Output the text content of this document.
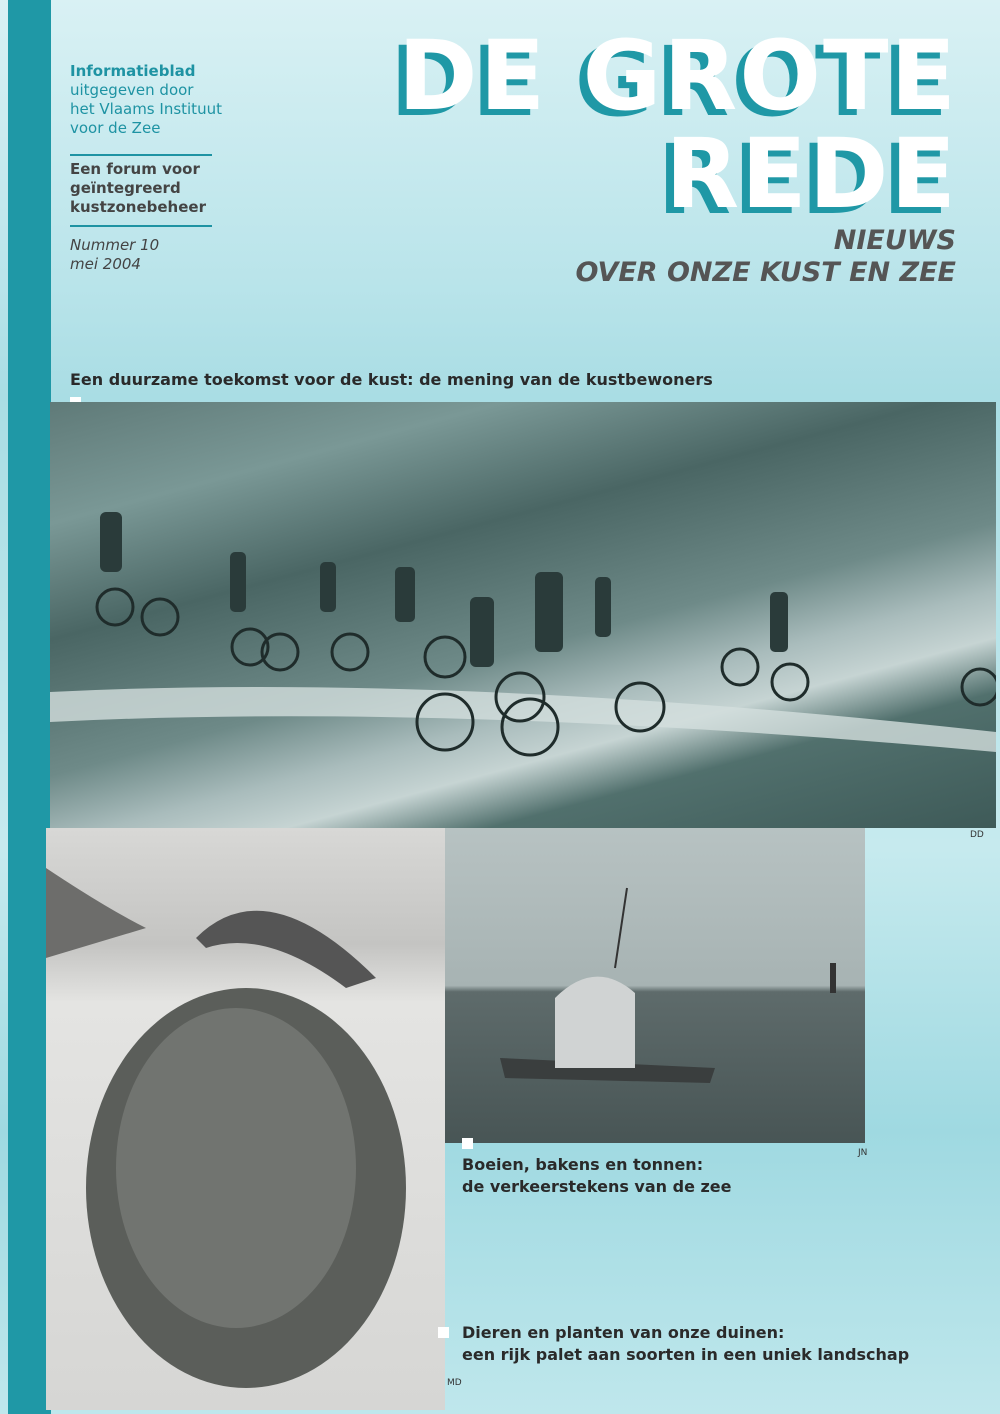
Informatieblad
uitgegeven door
het Vlaams Instituut
voor de Zee
Een forum voor
geïntegreerd
kustzonebeheer
Nummer 10
mei 2004
DE GROTE
REDE
NIEUWS
OVER ONZE KUST EN ZEE
Een duurzame toekomst voor de kust: de mening van de kustbewoners
DD
JN
Boeien, bakens en tonnen:
de verkeerstekens van de zee
Dieren en planten van onze duinen:
een rijk palet aan soorten in een uniek landschap
MD
